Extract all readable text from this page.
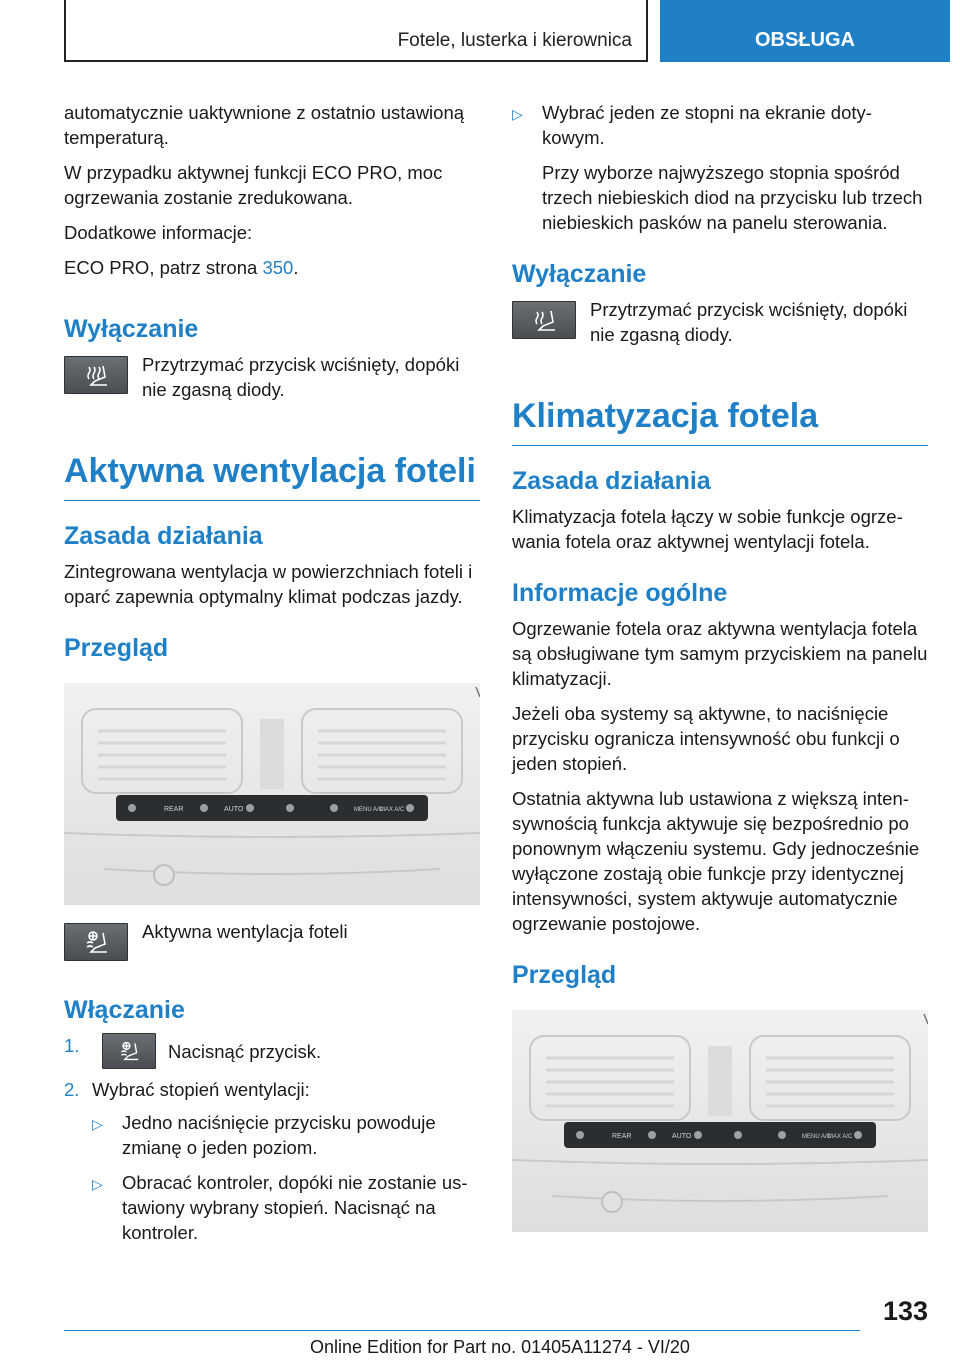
Fotele, lusterka i kierownica	OBSŁUGA

automatycznie uaktywnione z ostatnio ustawioną temperaturą.

W przypadku aktywnej funkcji ECO PRO, moc ogrzewania zostanie zredukowana.

Dodatkowe informacje:

ECO PRO, patrz strona 350.

Wyłączanie

Przytrzymać przycisk wciśnięty, dopóki nie zgasną diody.

Aktywna wentylacja foteli
Zasada działania

Zintegrowana wentylacja w powierzchniach foteli i oparć zapewnia optymalny klimat podczas jazdy.

Przegląd
REAR	AUTO	MENU A/C
MAX A/C

Aktywna wentylacja foteli

Włączanie
1.	Nacisnąć przycisk.
2. Wybrać stopień wentylacji:
▷	Jedno naciśnięcie przycisku powoduje zmianę o jeden poziom.
▷	Obracać kontroler, dopóki nie zostanie ustawiony wybrany stopień. Nacisnąć na kontroler.
▷	Wybrać jeden ze stopni na ekranie dotykowym.

Przy wyborze najwyższego stopnia spośród trzech niebieskich diod na przycisku lub trzech niebieskich pasków na panelu sterowania.

Wyłączanie

Przytrzymać przycisk wciśnięty, dopóki nie zgasną diody.

Klimatyzacja fotela
Zasada działania

Klimatyzacja fotela łączy w sobie funkcje ogrzewania fotela oraz aktywnej wentylacji fotela.

Informacje ogólne

Ogrzewanie fotela oraz aktywna wentylacja fotela są obsługiwane tym samym przyciskiem na panelu klimatyzacji.

Jeżeli oba systemy są aktywne, to naciśnięcie przycisku ogranicza intensywność obu funkcji o jeden stopień.

Ostatnia aktywna lub ustawiona z większą intensywnością funkcja aktywuje się bezpośrednio po ponownym włączeniu systemu. Gdy jednocześnie wyłączone zostają obie funkcje przy identycznej intensywności, system aktywuje automatycznie ogrzewanie postojowe.

Przegląd
REAR	AUTO	MENU A/C
MAX A/C
133
Online Edition for Part no. 01405A11274 - VI/20
